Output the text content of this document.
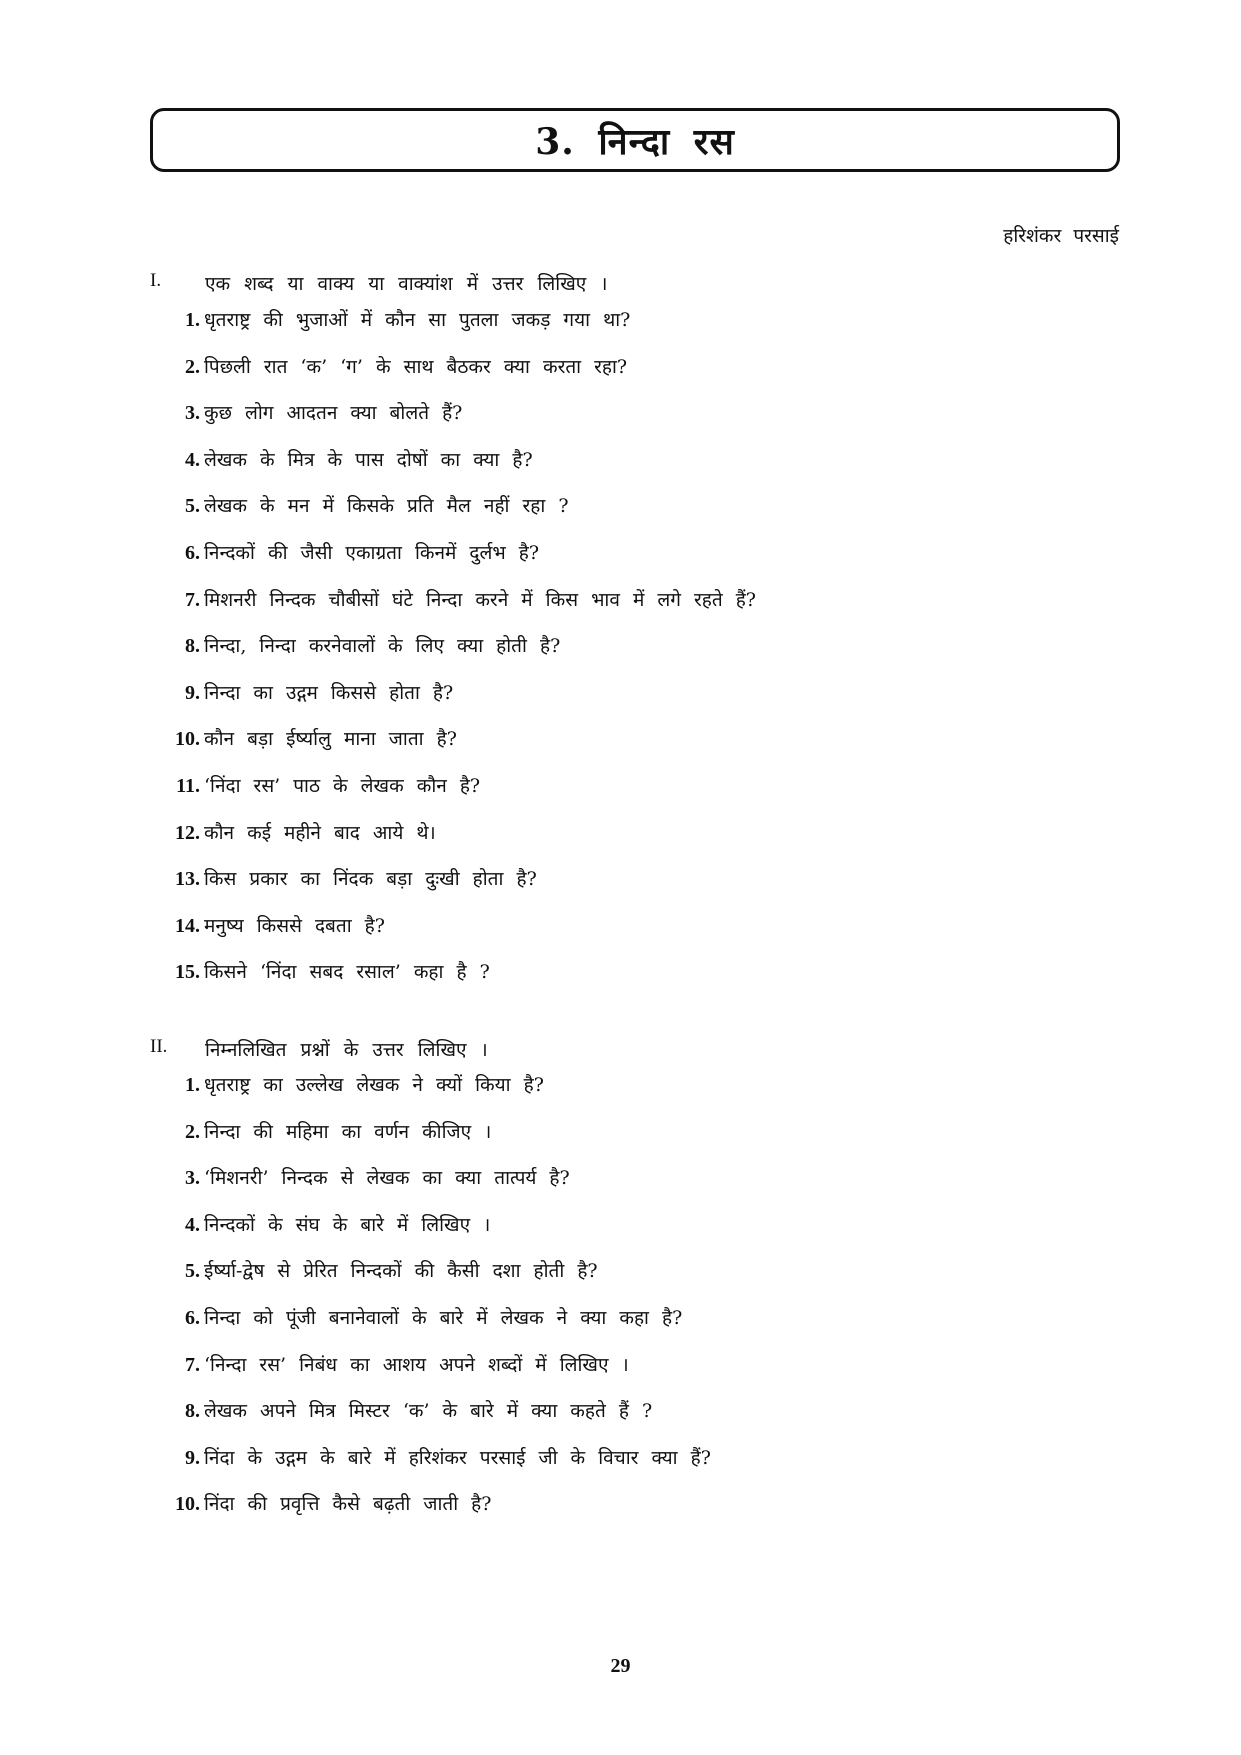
3. निन्दा रस
हरिशंकर परसाई
I. एक शब्द या वाक्य या वाक्यांश में उत्तर लिखिए ।
1. धृतराष्ट्र की भुजाओं में कौन सा पुतला जकड़ गया था?
2. पिछली रात ‘क’ ‘ग’ के साथ बैठकर क्या करता रहा?
3. कुछ लोग आदतन क्या बोलते हैं?
4. लेखक के मित्र के पास दोषों का क्या है?
5. लेखक के मन में किसके प्रति मैल नहीं रहा ?
6. निन्दकों की जैसी एकाग्रता किनमें दुर्लभ है?
7. मिशनरी निन्दक चौबीसों घंटे निन्दा करने में किस भाव में लगे रहते हैं?
8. निन्दा, निन्दा करनेवालों के लिए क्या होती है?
9. निन्दा का उद्गम किससे होता है?
10. कौन बड़ा ईर्ष्यालु माना जाता है?
11. ‘निंदा रस’ पाठ के लेखक कौन है?
12. कौन कई महीने बाद आये थे।
13. किस प्रकार का निंदक बड़ा दुःखी होता है?
14. मनुष्य किससे दबता है?
15. किसने ‘निंदा सबद रसाल’ कहा है ?
II. निम्नलिखित प्रश्नों के उत्तर लिखिए ।
1. धृतराष्ट्र का उल्लेख लेखक ने क्यों किया है?
2. निन्दा की महिमा का वर्णन कीजिए ।
3. ‘मिशनरी’ निन्दक से लेखक का क्या तात्पर्य है?
4. निन्दकों के संघ के बारे में लिखिए ।
5. ईर्ष्या-द्वेष से प्रेरित निन्दकों की कैसी दशा होती है?
6. निन्दा को पूंजी बनानेवालों के बारे में लेखक ने क्या कहा है?
7. ‘निन्दा रस’ निबंध का आशय अपने शब्दों में लिखिए ।
8. लेखक अपने मित्र मिस्टर ‘क’ के बारे में क्या कहते हैं ?
9. निंदा के उद्गम के बारे में हरिशंकर परसाई जी के विचार क्या हैं?
10. निंदा की प्रवृत्ति कैसे बढ़ती जाती है?
29
